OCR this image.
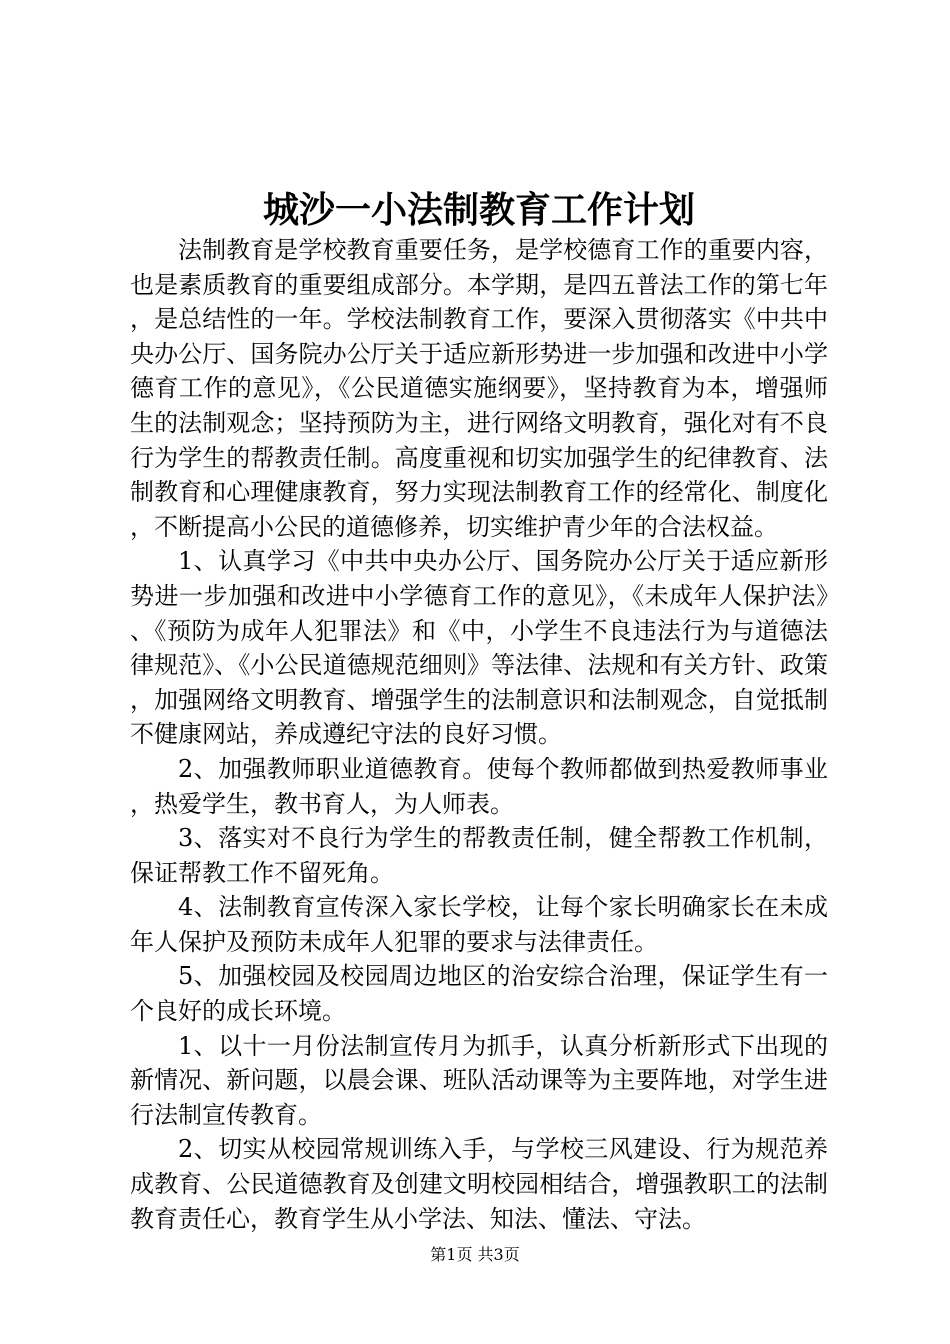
城沙一小法制教育工作计划

法制教育是学校教育重要任务，是学校德育工作的重要内容，也是素质教育的重要组成部分。本学期，是四五普法工作的第七年，是总结性的一年。学校法制教育工作，要深入贯彻落实《中共中央办公厅、国务院办公厅关于适应新形势进一步加强和改进中小学德育工作的意见》，《公民道德实施纲要》，坚持教育为本，增强师生的法制观念；坚持预防为主，进行网络文明教育，强化对有不良行为学生的帮教责任制。高度重视和切实加强学生的纪律教育、法制教育和心理健康教育，努力实现法制教育工作的经常化、制度化，不断提高小公民的道德修养，切实维护青少年的合法权益。

1、认真学习《中共中央办公厅、国务院办公厅关于适应新形势进一步加强和改进中小学德育工作的意见》，《未成年人保护法》、《预防为成年人犯罪法》和《中，小学生不良违法行为与道德法律规范》、《小公民道德规范细则》等法律、法规和有关方针、政策，加强网络文明教育、增强学生的法制意识和法制观念，自觉抵制不健康网站，养成遵纪守法的良好习惯。

2、加强教师职业道德教育。使每个教师都做到热爱教师事业，热爱学生，教书育人，为人师表。

3、落实对不良行为学生的帮教责任制，健全帮教工作机制，保证帮教工作不留死角。

4、法制教育宣传深入家长学校，让每个家长明确家长在未成年人保护及预防未成年人犯罪的要求与法律责任。

5、加强校园及校园周边地区的治安综合治理，保证学生有一个良好的成长环境。

1、以十一月份法制宣传月为抓手，认真分析新形式下出现的新情况、新问题，以晨会课、班队活动课等为主要阵地，对学生进行法制宣传教育。

2、切实从校园常规训练入手，与学校三风建设、行为规范养成教育、公民道德教育及创建文明校园相结合，增强教职工的法制教育责任心，教育学生从小学法、知法、懂法、守法。

第1页 共3页
